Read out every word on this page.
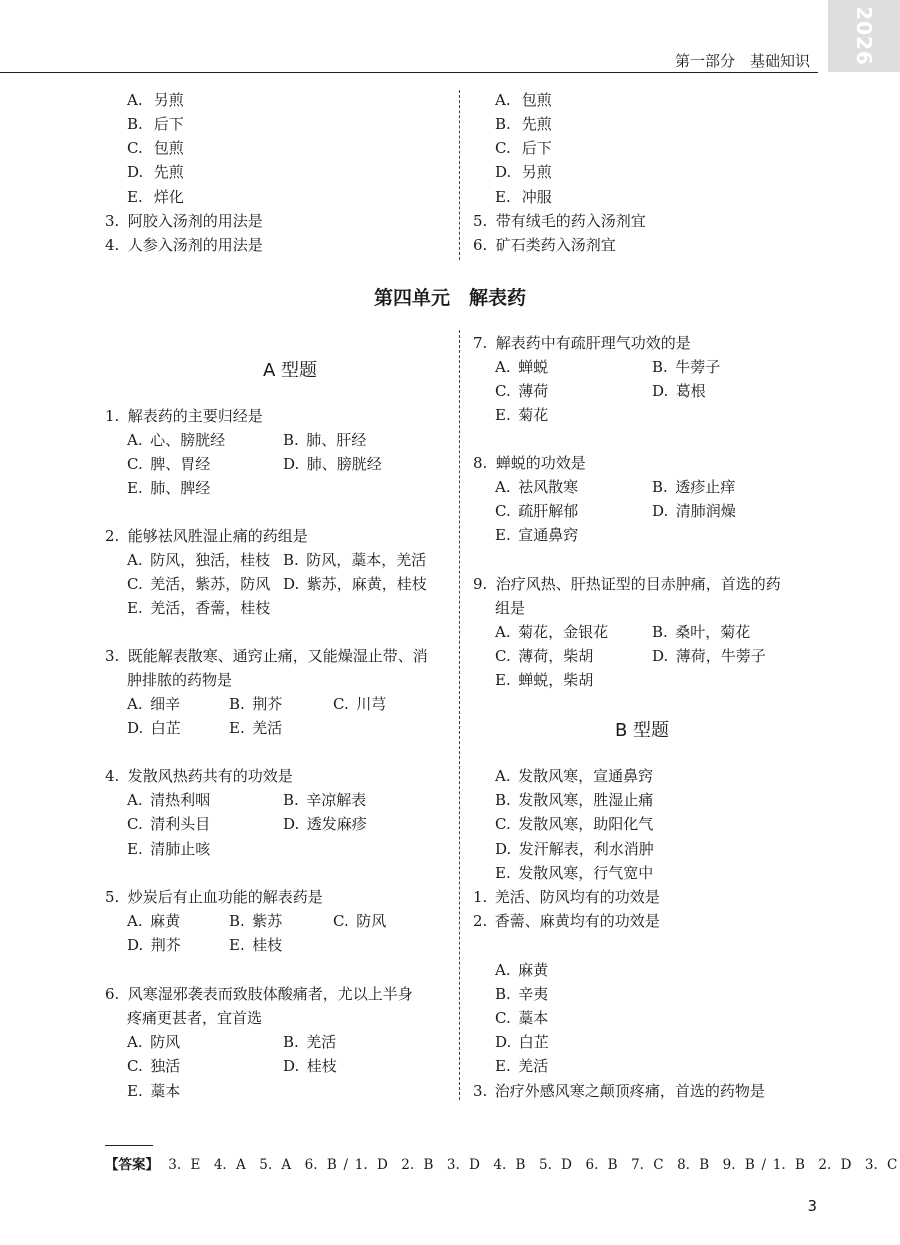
2026
第一部分　基础知识
A. 另煎
B. 后下
C. 包煎
D. 先煎
E. 烊化
3. 阿胶入汤剂的用法是
4. 人参入汤剂的用法是
A. 包煎
B. 先煎
C. 后下
D. 另煎
E. 冲服
5. 带有绒毛的药入汤剂宜
6. 矿石类药入汤剂宜
第四单元　解表药
A 型题
1. 解表药的主要归经是
A. 心、膀胱经	B. 肺、肝经
C. 脾、胃经	D. 肺、膀胱经
E. 肺、脾经
2. 能够祛风胜湿止痛的药组是
A. 防风，独活，桂枝 B. 防风，藁本，羌活
C. 羌活，紫苏，防风 D. 紫苏，麻黄，桂枝
E. 羌活，香薷，桂枝
3. 既能解表散寒、通窍止痛，又能燥湿止带、消
肿排脓的药物是
A. 细辛	B. 荆芥	C. 川芎
D. 白芷	E. 羌活
4. 发散风热药共有的功效是
A. 清热利咽	B. 辛凉解表
C. 清利头目	D. 透发麻疹
E. 清肺止咳
5. 炒炭后有止血功能的解表药是
A. 麻黄	B. 紫苏	C. 防风
D. 荆芥	E. 桂枝
6. 风寒湿邪袭表而致肢体酸痛者，尤以上半身
疼痛更甚者，宜首选
A. 防风	B. 羌活
C. 独活	D. 桂枝
E. 藁本
7. 解表药中有疏肝理气功效的是
A. 蝉蜕	B. 牛蒡子
C. 薄荷	D. 葛根
E. 菊花
8. 蝉蜕的功效是
A. 祛风散寒	B. 透疹止痒
C. 疏肝解郁	D. 清肺润燥
E. 宣通鼻窍
9. 治疗风热、肝热证型的目赤肿痛，首选的药
组是
A. 菊花，金银花	B. 桑叶，菊花
C. 薄荷，柴胡	D. 薄荷，牛蒡子
E. 蝉蜕，柴胡
B 型题
A. 发散风寒，宣通鼻窍
B. 发散风寒，胜湿止痛
C. 发散风寒，助阳化气
D. 发汗解表，利水消肿
E. 发散风寒，行气宽中
1. 羌活、防风均有的功效是
2. 香薷、麻黄均有的功效是
A. 麻黄
B. 辛夷
C. 藁本
D. 白芷
E. 羌活
3. 治疗外感风寒之颠顶疼痛，首选的药物是
【答案】 3. E 4. A 5. A 6. B / 1. D 2. B 3. D 4. B 5. D 6. B 7. C 8. B 9. B / 1. B 2. D 3. C
3
